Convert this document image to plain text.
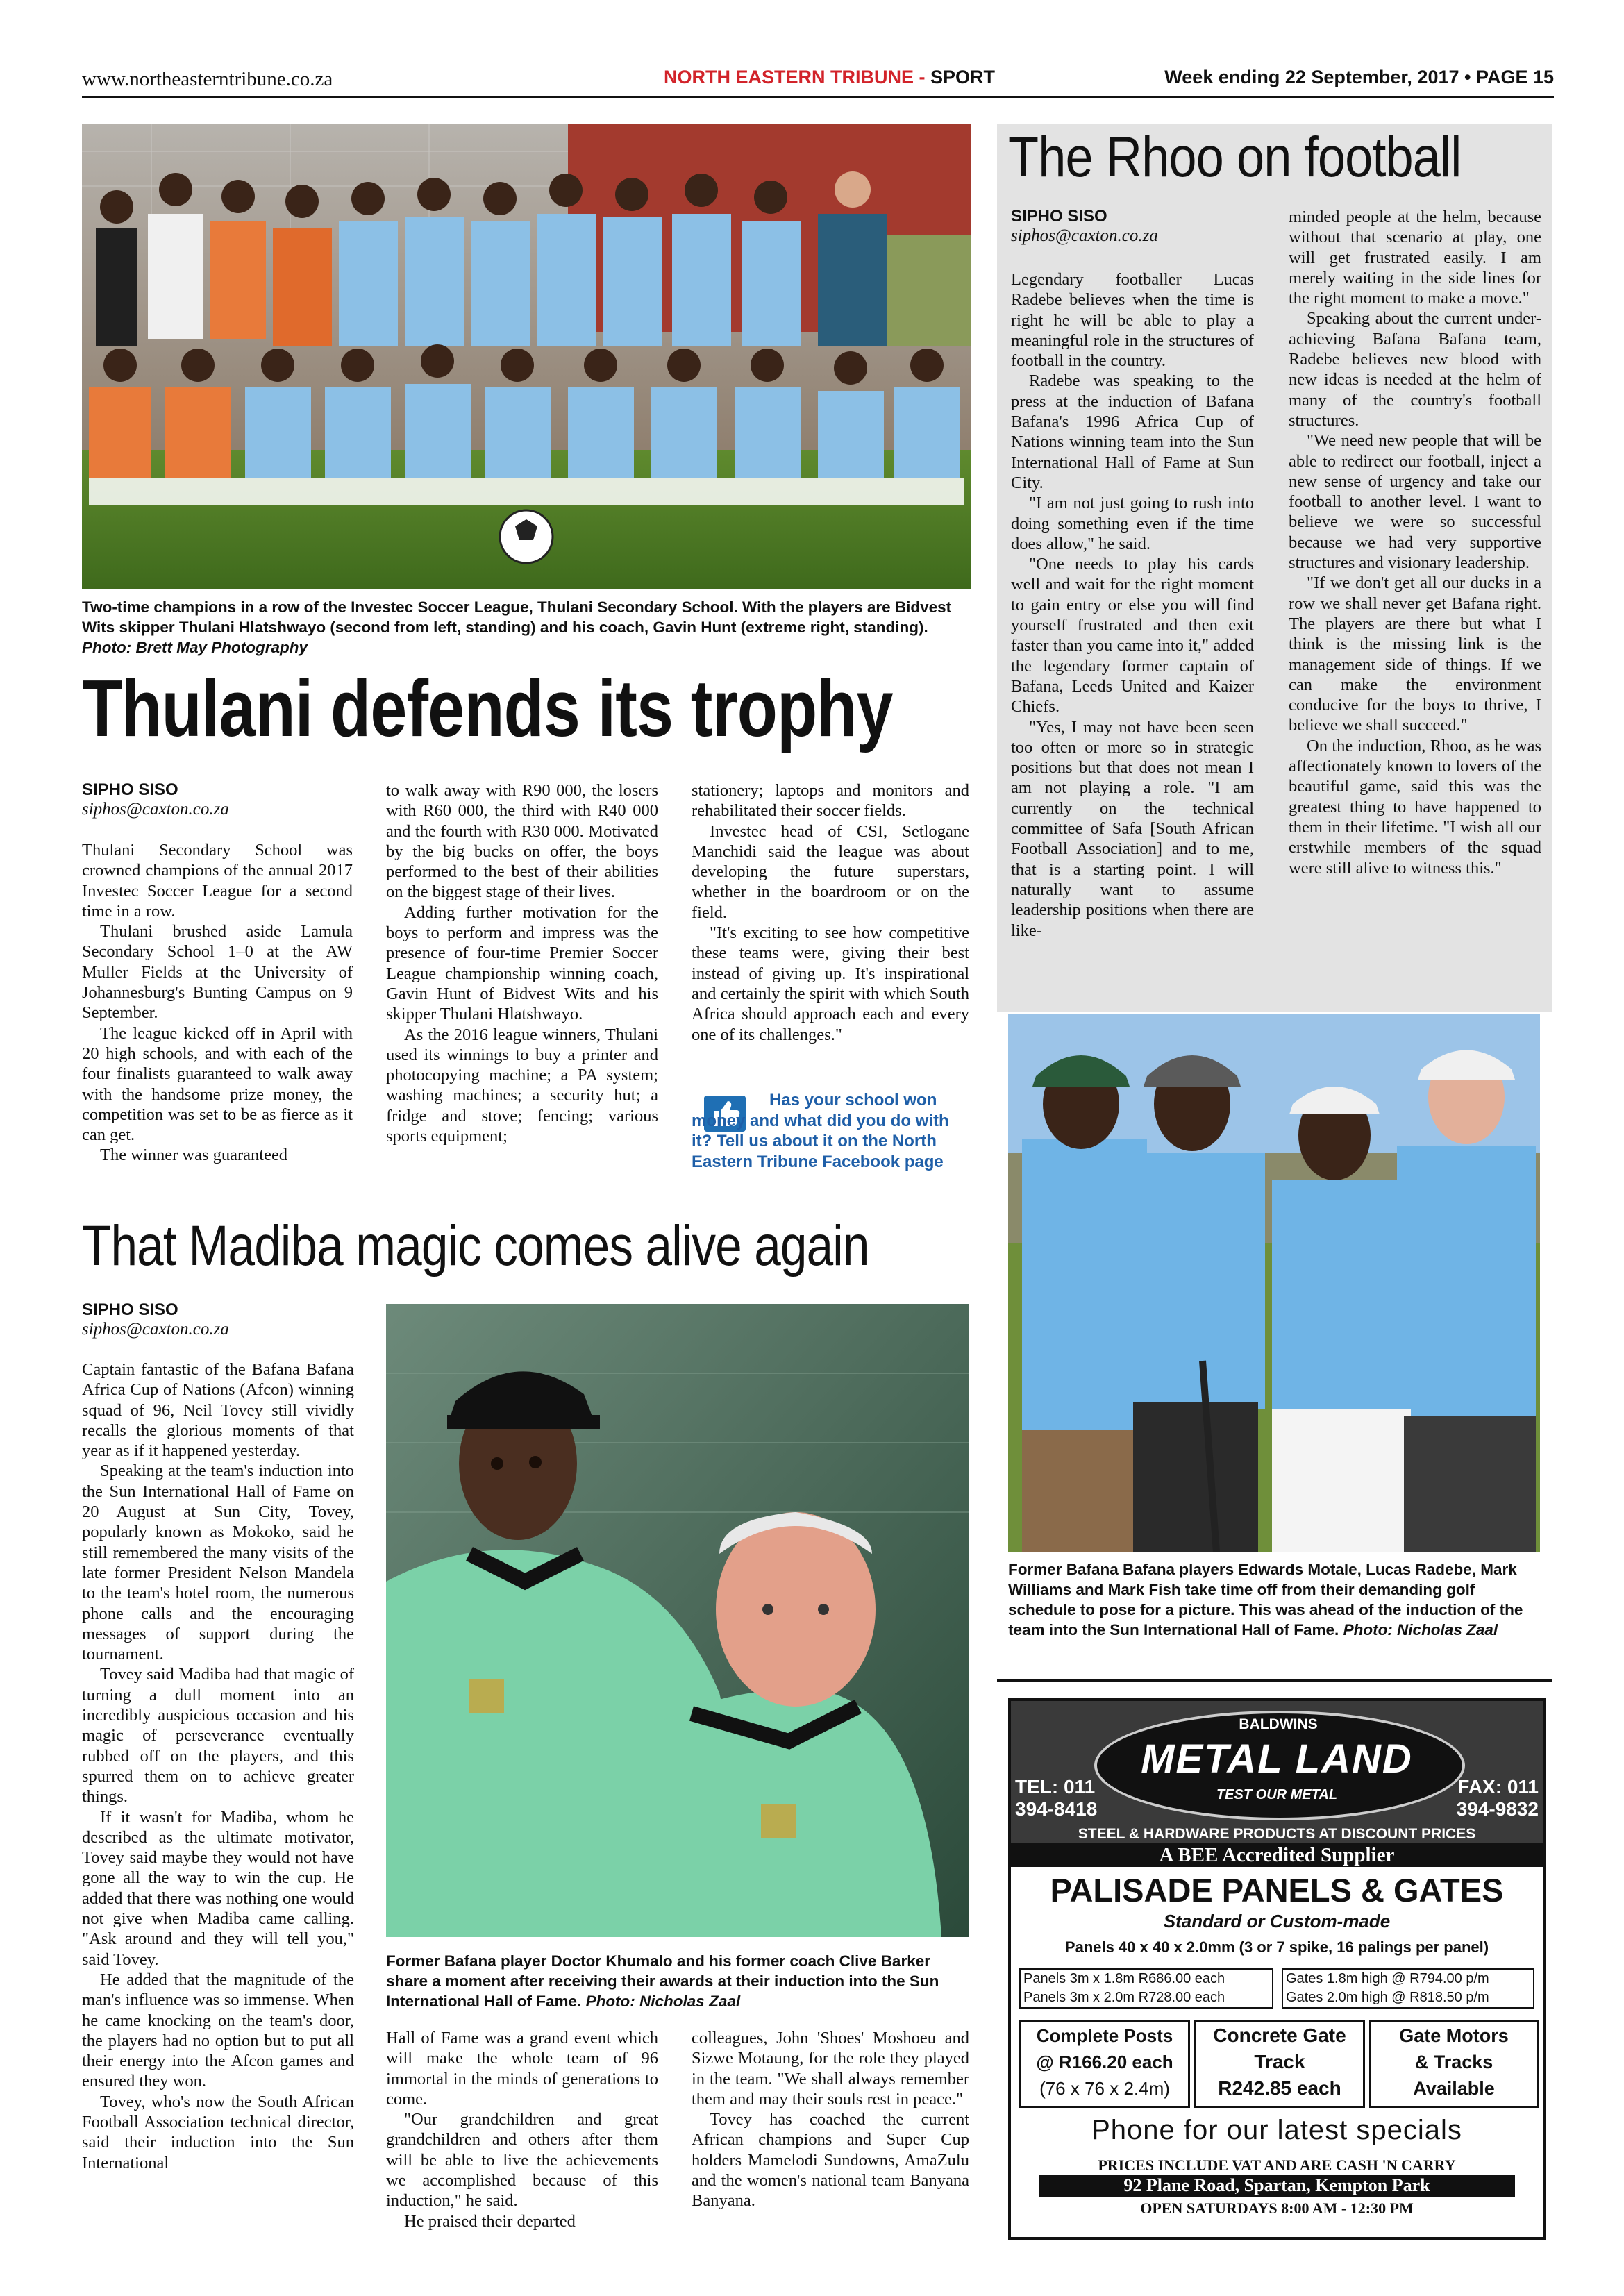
www.northeasterntribune.co.za	NORTH EASTERN TRIBUNE - SPORT	Week ending 22 September, 2017 • PAGE 15
Two-time champions in a row of the Investec Soccer League, Thulani Secondary School. With the players are Bidvest Wits skipper Thulani Hlatshwayo (second from left, standing) and his coach, Gavin Hunt (extreme right, standing). Photo: Brett May Photography
Thulani defends its trophy
SIPHO SISO
siphos@caxton.co.za

Thulani Secondary School was crowned champions of the annual 2017 Investec Soccer League for a second time in a row.

Thulani brushed aside Lamula Secondary School 1–0 at the AW Muller Fields at the University of Johannesburg's Bunting Campus on 9 September.

The league kicked off in April with 20 high schools, and with each of the four finalists guaranteed to walk away with the handsome prize money, the competition was set to be as fierce as it can get.

The winner was guaranteed

to walk away with R90 000, the losers with R60 000, the third with R40 000 and the fourth with R30 000. Motivated by the big bucks on offer, the boys performed to the best of their abilities on the biggest stage of their lives.

Adding further motivation for the boys to perform and impress was the presence of four-time Premier Soccer League championship winning coach, Gavin Hunt of Bidvest Wits and his skipper Thulani Hlatshwayo.

As the 2016 league winners, Thulani used its winnings to buy a printer and photocopying machine; a PA system; washing machines; a security hut; a fridge and stove; fencing; various sports equipment;

stationery; laptops and monitors and rehabilitated their soccer fields.

Investec head of CSI, Setlogane Manchidi said the league was about developing the future superstars, whether in the boardroom or on the field.

"It's exciting to see how competitive these teams were, giving their best instead of giving up. It's inspirational and certainly the spirit with which South Africa should approach each and every one of its challenges."

Has your school won money and what did you do with it? Tell us about it on the North Eastern Tribune Facebook page
That Madiba magic comes alive again
SIPHO SISO
siphos@caxton.co.za

Captain fantastic of the Bafana Bafana Africa Cup of Nations (Afcon) winning squad of 96, Neil Tovey still vividly recalls the glorious moments of that year as if it happened yesterday.

Speaking at the team's induction into the Sun International Hall of Fame on 20 August at Sun City, Tovey, popularly known as Mokoko, said he still remembered the many visits of the late former President Nelson Mandela to the team's hotel room, the numerous phone calls and the encouraging messages of support during the tournament.

Tovey said Madiba had that magic of turning a dull moment into an incredibly auspicious occasion and his magic of perseverance eventually rubbed off on the players, and this spurred them on to achieve greater things.

If it wasn't for Madiba, whom he described as the ultimate motivator, Tovey said maybe they would not have gone all the way to win the cup. He added that there was nothing one would not give when Madiba came calling. "Ask around and they will tell you," said Tovey.

He added that the magnitude of the man's influence was so immense. When he came knocking on the team's door, the players had no option but to put all their energy into the Afcon games and ensured they won.

Tovey, who's now the South African Football Association technical director, said their induction into the Sun International

Former Bafana player Doctor Khumalo and his former coach Clive Barker share a moment after receiving their awards at their induction into the Sun International Hall of Fame. Photo: Nicholas Zaal

Hall of Fame was a grand event which will make the whole team of 96 immortal in the minds of generations to come.

"Our grandchildren and great grandchildren and others after them will be able to live the achievements we accomplished because of this induction," he said.

He praised their departed

colleagues, John 'Shoes' Moshoeu and Sizwe Motaung, for the role they played in the team. "We shall always remember them and may their souls rest in peace."

Tovey has coached the current African champions and Super Cup holders Mamelodi Sundowns, AmaZulu and the women's national team Banyana Banyana.

The Rhoo on football
SIPHO SISO
siphos@caxton.co.za

Legendary footballer Lucas Radebe believes when the time is right he will be able to play a meaningful role in the structures of football in the country.

Radebe was speaking to the press at the induction of Bafana Bafana's 1996 Africa Cup of Nations winning team into the Sun International Hall of Fame at Sun City.

"I am not just going to rush into doing something even if the time does allow," he said.

"One needs to play his cards well and wait for the right moment to gain entry or else you will find yourself frustrated and then exit faster than you came into it," added the legendary former captain of Bafana, Leeds United and Kaizer Chiefs.

"Yes, I may not have been seen too often or more so in strategic positions but that does not mean I am not playing a role. "I am currently on the technical committee of Safa [South African Football Association] and to me, that is a starting point. I will naturally want to assume leadership positions when there are like-

minded people at the helm, because without that scenario at play, one will get frustrated easily. I am merely waiting in the side lines for the right moment to make a move."

Speaking about the current under-achieving Bafana Bafana team, Radebe believes new blood with new ideas is needed at the helm of many of the country's football structures.

"We need new people that will be able to redirect our football, inject a new sense of urgency and take our football to another level. I want to believe we were so successful because we had very supportive structures and visionary leadership.

"If we don't get all our ducks in a row we shall never get Bafana right. The players are there but what I think is the missing link is the management side of things. If we can make the environment conducive for the boys to thrive, I believe we shall succeed."

On the induction, Rhoo, as he was affectionately known to lovers of the beautiful game, said this was the greatest thing to have happened to them in their lifetime. "I wish all our erstwhile members of the squad were still alive to witness this."

Former Bafana Bafana players Edwards Motale, Lucas Radebe, Mark Williams and Mark Fish take time off from their demanding golf schedule to pose for a picture. This was ahead of the induction of the team into the Sun International Hall of Fame. Photo: Nicholas Zaal
BALDWINS
METAL LAND
TEST OUR METAL
TEL: 011
394-8418
FAX: 011
394-9832
STEEL & HARDWARE PRODUCTS AT DISCOUNT PRICES
A BEE Accredited Supplier
PALISADE PANELS & GATES
Standard or Custom-made
Panels 40 x 40 x 2.0mm (3 or 7 spike, 16 palings per panel)
Panels 3m x 1.8m R686.00 each
Panels 3m x 2.0m R728.00 each
Gates 1.8m high @ R794.00 p/m
Gates 2.0m high @ R818.50 p/m
Complete Posts
@ R166.20 each
(76 x 76 x 2.4m)
Concrete Gate
Track
R242.85 each
Gate Motors
& Tracks
Available
Phone for our latest specials
PRICES INCLUDE VAT AND ARE CASH 'N CARRY
92 Plane Road, Spartan, Kempton Park
OPEN SATURDAYS 8:00 AM - 12:30 PM
